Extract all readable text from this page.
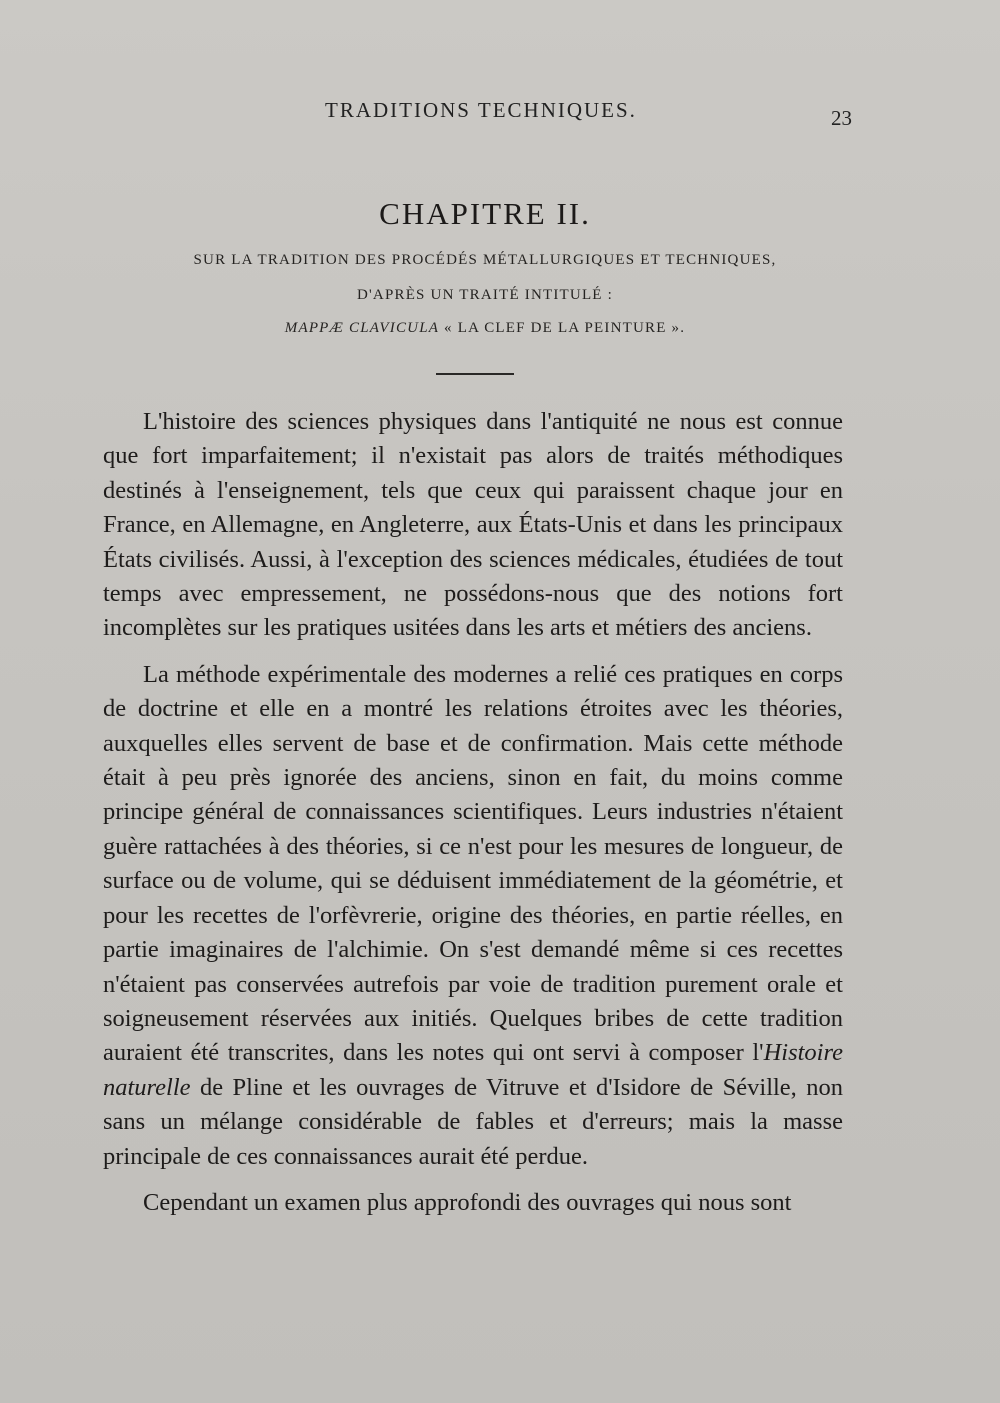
TRADITIONS TECHNIQUES.	23
CHAPITRE II.
SUR LA TRADITION DES PROCÉDÉS MÉTALLURGIQUES ET TECHNIQUES,
D'APRÈS UN TRAITÉ INTITULÉ :
MAPPÆ CLAVICULA « LA CLEF DE LA PEINTURE ».

L'histoire des sciences physiques dans l'antiquité ne nous est connue que fort imparfaitement; il n'existait pas alors de traités méthodiques destinés à l'enseignement, tels que ceux qui paraissent chaque jour en France, en Allemagne, en Angleterre, aux États-Unis et dans les principaux États civilisés. Aussi, à l'exception des sciences médicales, étudiées de tout temps avec empressement, ne possédons-nous que des notions fort incomplètes sur les pratiques usitées dans les arts et métiers des anciens.

La méthode expérimentale des modernes a relié ces pratiques en corps de doctrine et elle en a montré les relations étroites avec les théories, auxquelles elles servent de base et de confirmation. Mais cette méthode était à peu près ignorée des anciens, sinon en fait, du moins comme principe général de connaissances scientifiques. Leurs industries n'étaient guère rattachées à des théories, si ce n'est pour les mesures de longueur, de surface ou de volume, qui se déduisent immédiatement de la géométrie, et pour les recettes de l'orfèvrerie, origine des théories, en partie réelles, en partie imaginaires de l'alchimie. On s'est demandé même si ces recettes n'étaient pas conservées autrefois par voie de tradition purement orale et soigneusement réservées aux initiés. Quelques bribes de cette tradition auraient été transcrites, dans les notes qui ont servi à composer l'Histoire naturelle de Pline et les ouvrages de Vitruve et d'Isidore de Séville, non sans un mélange considérable de fables et d'erreurs; mais la masse principale de ces connaissances aurait été perdue.

Cependant un examen plus approfondi des ouvrages qui nous sont
